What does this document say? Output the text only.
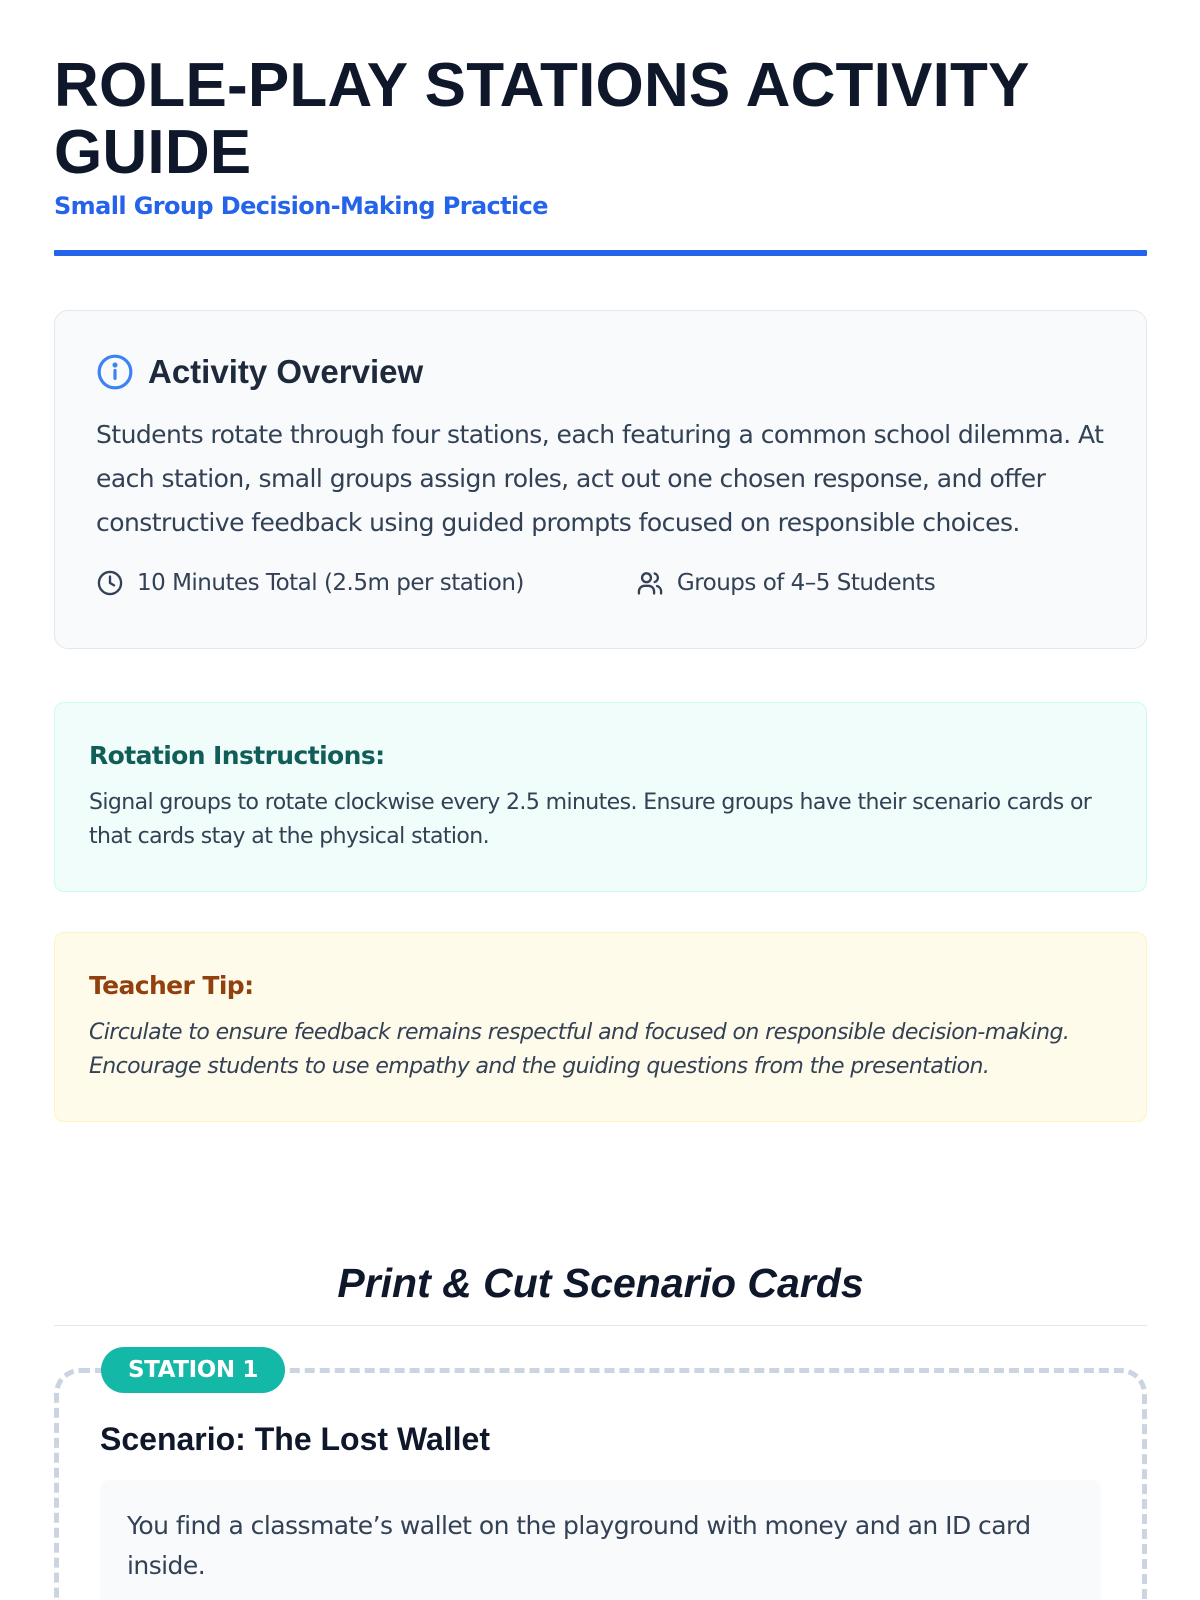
ROLE-PLAY STATIONS ACTIVITY GUIDE
Small Group Decision-Making Practice
Activity Overview

Students rotate through four stations, each featuring a common school dilemma. At each station, small groups assign roles, act out one chosen response, and offer constructive feedback using guided prompts focused on responsible choices.

10 Minutes Total (2.5m per station)	Groups of 4–5 Students
Rotation Instructions:

Signal groups to rotate clockwise every 2.5 minutes. Ensure groups have their scenario cards or that cards stay at the physical station.

Teacher Tip:

Circulate to ensure feedback remains respectful and focused on responsible decision-making. Encourage students to use empathy and the guiding questions from the presentation.

Print & Cut Scenario Cards
STATION 1
Scenario: The Lost Wallet

You find a classmate’s wallet on the playground with money and an ID card inside.
